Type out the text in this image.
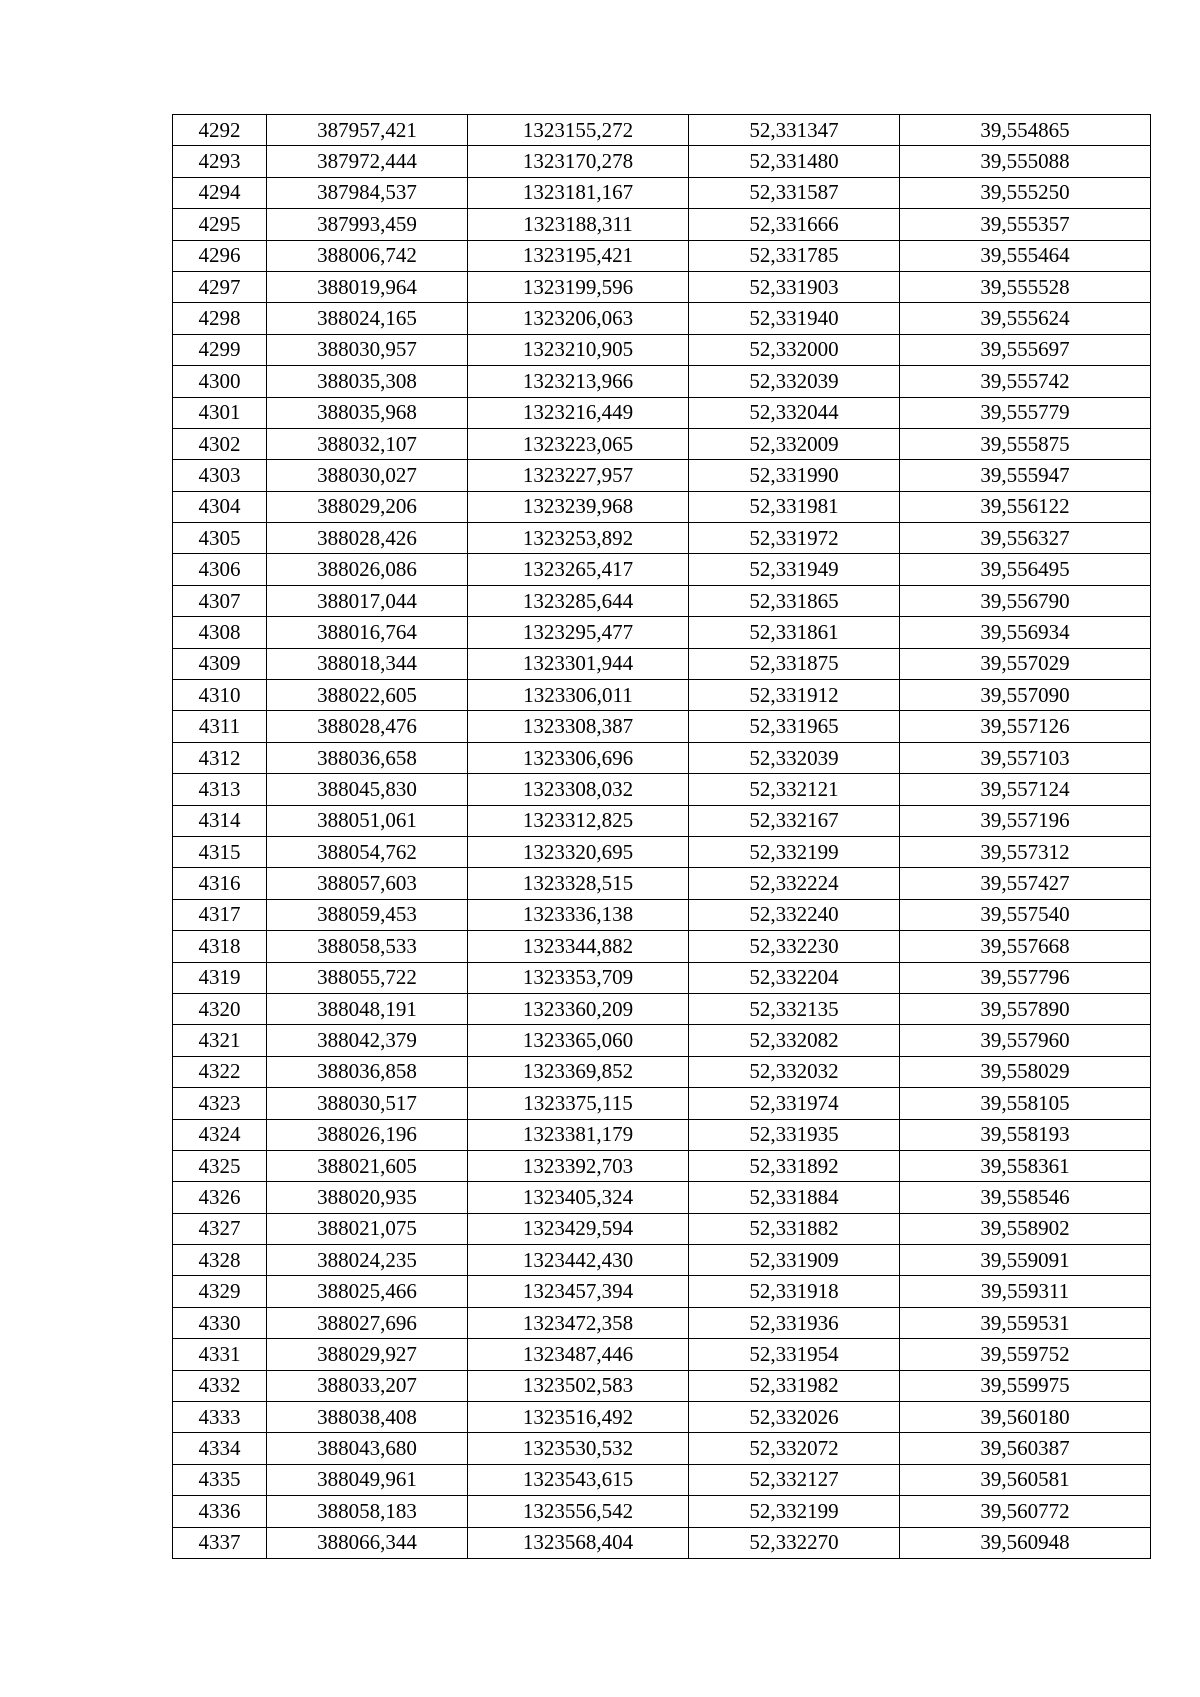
4292	387957,421	1323155,272	52,331347	39,554865
4293	387972,444	1323170,278	52,331480	39,555088
4294	387984,537	1323181,167	52,331587	39,555250
4295	387993,459	1323188,311	52,331666	39,555357
4296	388006,742	1323195,421	52,331785	39,555464
4297	388019,964	1323199,596	52,331903	39,555528
4298	388024,165	1323206,063	52,331940	39,555624
4299	388030,957	1323210,905	52,332000	39,555697
4300	388035,308	1323213,966	52,332039	39,555742
4301	388035,968	1323216,449	52,332044	39,555779
4302	388032,107	1323223,065	52,332009	39,555875
4303	388030,027	1323227,957	52,331990	39,555947
4304	388029,206	1323239,968	52,331981	39,556122
4305	388028,426	1323253,892	52,331972	39,556327
4306	388026,086	1323265,417	52,331949	39,556495
4307	388017,044	1323285,644	52,331865	39,556790
4308	388016,764	1323295,477	52,331861	39,556934
4309	388018,344	1323301,944	52,331875	39,557029
4310	388022,605	1323306,011	52,331912	39,557090
4311	388028,476	1323308,387	52,331965	39,557126
4312	388036,658	1323306,696	52,332039	39,557103
4313	388045,830	1323308,032	52,332121	39,557124
4314	388051,061	1323312,825	52,332167	39,557196
4315	388054,762	1323320,695	52,332199	39,557312
4316	388057,603	1323328,515	52,332224	39,557427
4317	388059,453	1323336,138	52,332240	39,557540
4318	388058,533	1323344,882	52,332230	39,557668
4319	388055,722	1323353,709	52,332204	39,557796
4320	388048,191	1323360,209	52,332135	39,557890
4321	388042,379	1323365,060	52,332082	39,557960
4322	388036,858	1323369,852	52,332032	39,558029
4323	388030,517	1323375,115	52,331974	39,558105
4324	388026,196	1323381,179	52,331935	39,558193
4325	388021,605	1323392,703	52,331892	39,558361
4326	388020,935	1323405,324	52,331884	39,558546
4327	388021,075	1323429,594	52,331882	39,558902
4328	388024,235	1323442,430	52,331909	39,559091
4329	388025,466	1323457,394	52,331918	39,559311
4330	388027,696	1323472,358	52,331936	39,559531
4331	388029,927	1323487,446	52,331954	39,559752
4332	388033,207	1323502,583	52,331982	39,559975
4333	388038,408	1323516,492	52,332026	39,560180
4334	388043,680	1323530,532	52,332072	39,560387
4335	388049,961	1323543,615	52,332127	39,560581
4336	388058,183	1323556,542	52,332199	39,560772
4337	388066,344	1323568,404	52,332270	39,560948
